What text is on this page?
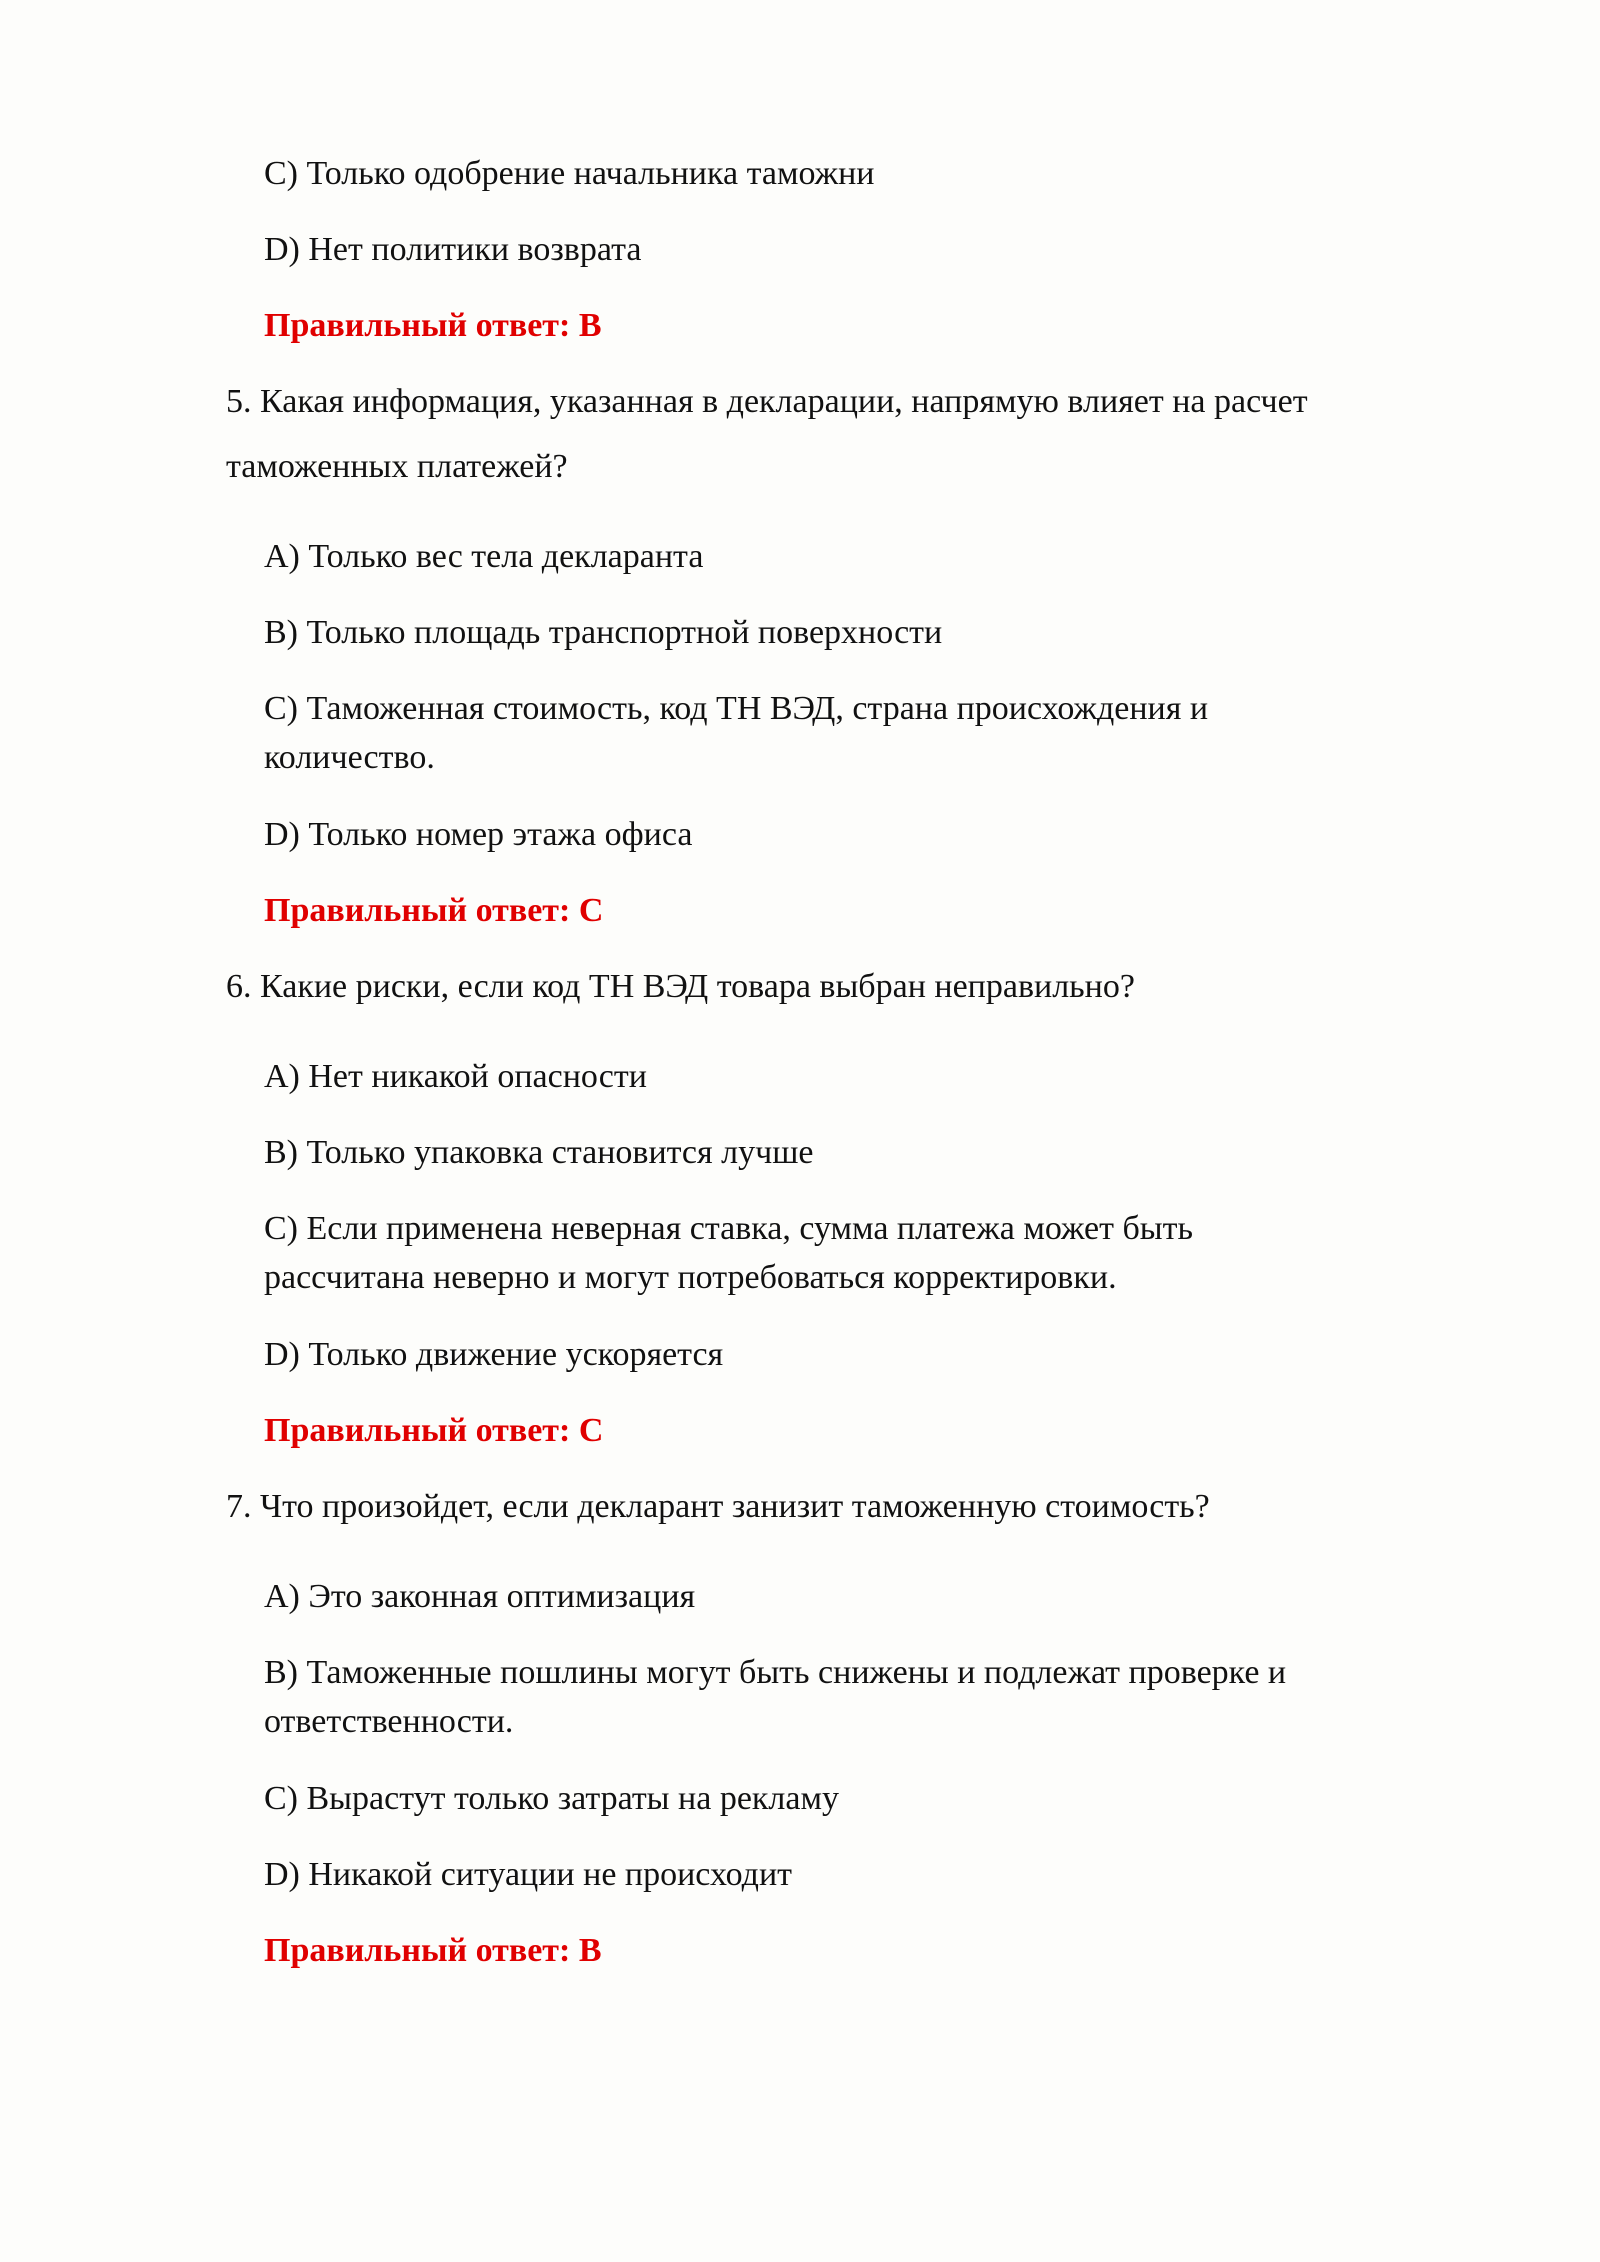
C) Только одобрение начальника таможни
D) Нет политики возврата
Правильный ответ: B
5. Какая информация, указанная в декларации, напрямую влияет на расчет
таможенных платежей?
A) Только вес тела декларанта
B) Только площадь транспортной поверхности
C) Таможенная стоимость, код ТН ВЭД, страна происхождения и
количество.
D) Только номер этажа офиса
Правильный ответ: C
6. Какие риски, если код ТН ВЭД товара выбран неправильно?
A) Нет никакой опасности
B) Только упаковка становится лучше
C) Если применена неверная ставка, сумма платежа может быть
рассчитана неверно и могут потребоваться корректировки.
D) Только движение ускоряется
Правильный ответ: C
7. Что произойдет, если декларант занизит таможенную стоимость?
A) Это законная оптимизация
B) Таможенные пошлины могут быть снижены и подлежат проверке и
ответственности.
C) Вырастут только затраты на рекламу
D) Никакой ситуации не происходит
Правильный ответ: B
